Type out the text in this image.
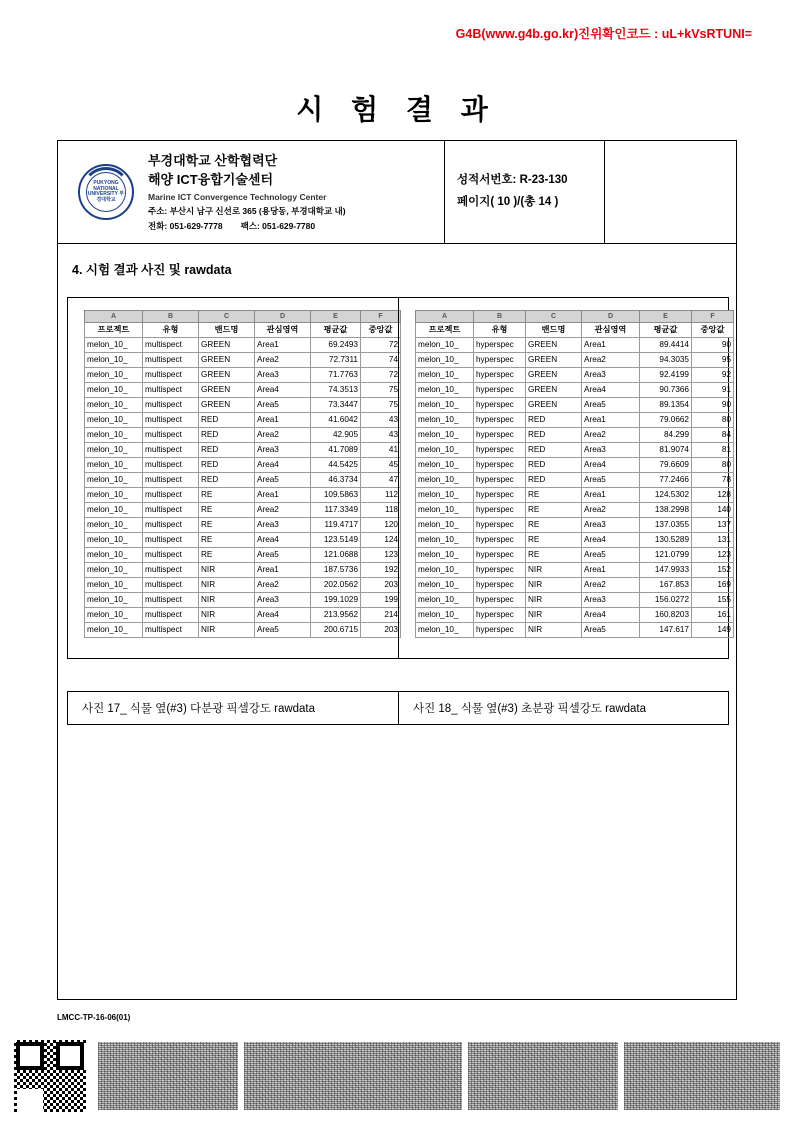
G4B(www.g4b.go.kr)진위확인코드 : uL+kVsRTUNI=
시 험 결 과
PUKYONG NATIONAL UNIVERSITY 부경대학교
부경대학교 산학협력단
해양 ICT융합기술센터
Marine ICT Convergence Technology Center
주소: 부산시 남구 신선로 365 (용당동, 부경대학교 내)
전화: 051-629-7778 팩스: 051-629-7780
성적서번호: R-23-130
페이지( 10 )/(총 14 )
4. 시험 결과 사진 및 rawdata
A	B	C	D	E	F
프로젝트	유형	밴드명	관심영역	평균값	중앙값
melon_10_	multispect	GREEN	Area1	69.2493	72
melon_10_	multispect	GREEN	Area2	72.7311	74
melon_10_	multispect	GREEN	Area3	71.7763	72
melon_10_	multispect	GREEN	Area4	74.3513	75
melon_10_	multispect	GREEN	Area5	73.3447	75
melon_10_	multispect	RED	Area1	41.6042	43
melon_10_	multispect	RED	Area2	42.905	43
melon_10_	multispect	RED	Area3	41.7089	41
melon_10_	multispect	RED	Area4	44.5425	45
melon_10_	multispect	RED	Area5	46.3734	47
melon_10_	multispect	RE	Area1	109.5863	112
melon_10_	multispect	RE	Area2	117.3349	118
melon_10_	multispect	RE	Area3	119.4717	120
melon_10_	multispect	RE	Area4	123.5149	124
melon_10_	multispect	RE	Area5	121.0688	123
melon_10_	multispect	NIR	Area1	187.5736	192
melon_10_	multispect	NIR	Area2	202.0562	203
melon_10_	multispect	NIR	Area3	199.1029	199
melon_10_	multispect	NIR	Area4	213.9562	214
melon_10_	multispect	NIR	Area5	200.6715	203
A	B	C	D	E	F
프로젝트	유형	밴드명	관심영역	평균값	중앙값
melon_10_	hyperspec	GREEN	Area1	89.4414	90
melon_10_	hyperspec	GREEN	Area2	94.3035	95
melon_10_	hyperspec	GREEN	Area3	92.4199	92
melon_10_	hyperspec	GREEN	Area4	90.7366	91
melon_10_	hyperspec	GREEN	Area5	89.1354	90
melon_10_	hyperspec	RED	Area1	79.0662	80
melon_10_	hyperspec	RED	Area2	84.299	84
melon_10_	hyperspec	RED	Area3	81.9074	81
melon_10_	hyperspec	RED	Area4	79.6609	80
melon_10_	hyperspec	RED	Area5	77.2466	78
melon_10_	hyperspec	RE	Area1	124.5302	128
melon_10_	hyperspec	RE	Area2	138.2998	140
melon_10_	hyperspec	RE	Area3	137.0355	137
melon_10_	hyperspec	RE	Area4	130.5289	131
melon_10_	hyperspec	RE	Area5	121.0799	123
melon_10_	hyperspec	NIR	Area1	147.9933	152
melon_10_	hyperspec	NIR	Area2	167.853	169
melon_10_	hyperspec	NIR	Area3	156.0272	155
melon_10_	hyperspec	NIR	Area4	160.8203	161
melon_10_	hyperspec	NIR	Area5	147.617	149
사진 17_ 식물 옆(#3) 다분광 픽셀강도 rawdata	사진 18_ 식물 옆(#3) 초분광 픽셀강도 rawdata
LMCC-TP-16-06(01)
